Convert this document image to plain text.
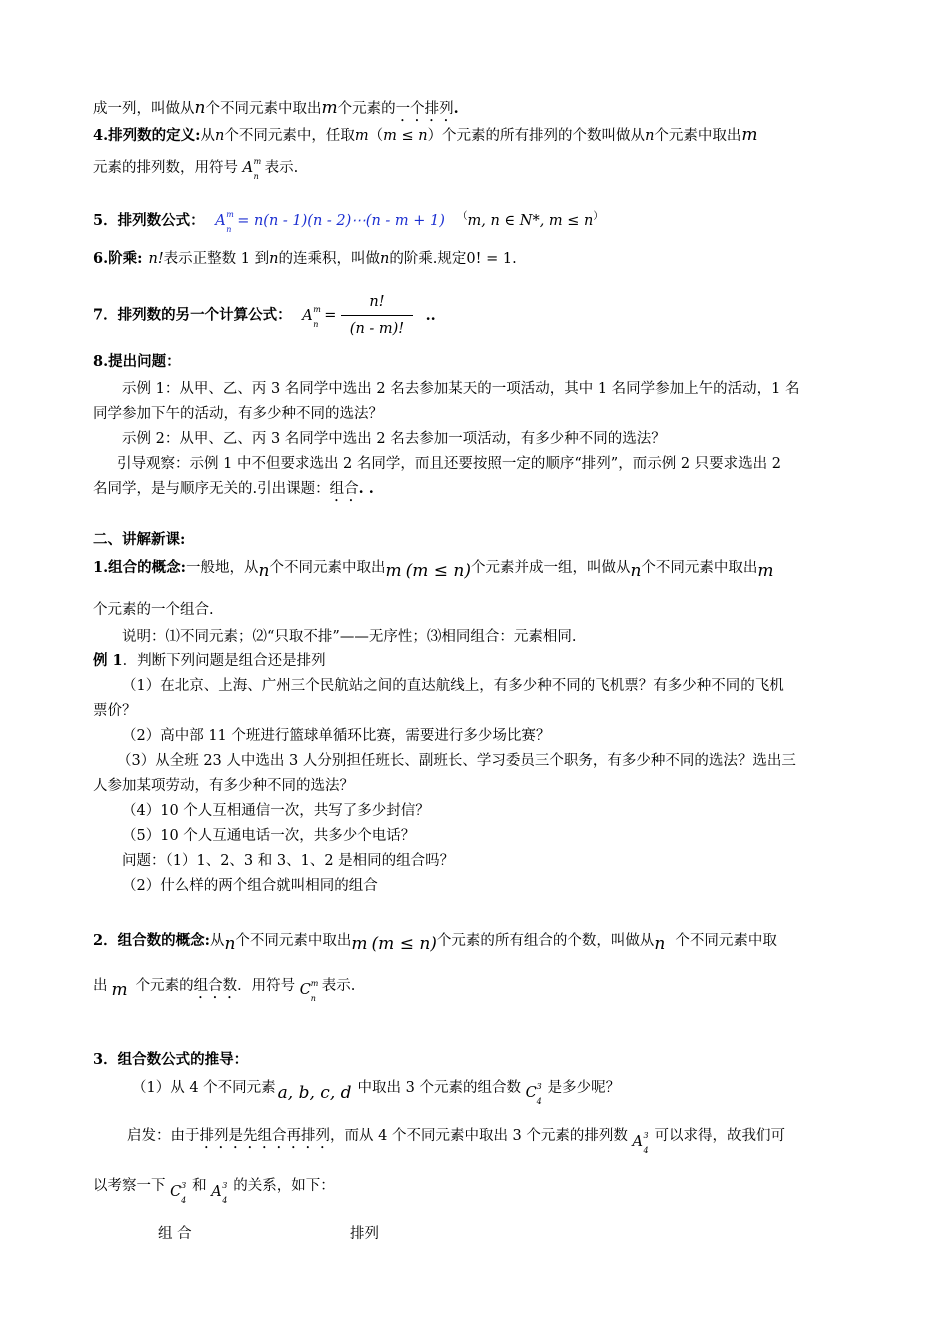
成一列，叫做从n个不同元素中取出m个元素的一个排列.
4.排列数的定义:从n个不同元素中，任取m（m ≤ n）个元素的所有排列的个数叫做从n个元素中取出m
元素的排列数，用符号 A m
n
表示.
5．排列数公式： A m
n
= n(n - 1)(n - 2)⋯(n - m + 1) （m, n ∈ N*, m ≤ n）
6.阶乘: n!表示正整数 1 到n的连乘积，叫做n的阶乘.规定0! = 1.
7．排列数的另一个计算公式： A m
n
= $\frac{n!}{(n - m)!}$ ..
8.提出问题：
示例 1：从甲、乙、丙 3 名同学中选出 2 名去参加某天的一项活动，其中 1 名同学参加上午的活动，1 名
同学参加下午的活动，有多少种不同的选法？
示例 2：从甲、乙、丙 3 名同学中选出 2 名去参加一项活动，有多少种不同的选法？
引导观察：示例 1 中不但要求选出 2 名同学，而且还要按照一定的顺序“排列”，而示例 2 只要求选出 2
名同学，是与顺序无关的.引出课题：组合. .
二、讲解新课:
1.组合的概念:一般地，从n个不同元素中取出m (m ≤ n)个元素并成一组，叫做从n个不同元素中取出m
个元素的一个组合.
说明：⑴不同元素；⑵“只取不排”——无序性；⑶相同组合：元素相同.
例 1．判断下列问题是组合还是排列
（1）在北京、上海、广州三个民航站之间的直达航线上，有多少种不同的飞机票？有多少种不同的飞机
票价？
（2）高中部 11 个班进行篮球单循环比赛，需要进行多少场比赛？
（3）从全班 23 人中选出 3 人分别担任班长、副班长、学习委员三个职务，有多少种不同的选法？选出三
人参加某项劳动，有多少种不同的选法？
（4）10 个人互相通信一次，共写了多少封信？
（5）10 个人互通电话一次，共多少个电话？
问题：（1）1、2、3 和 3、1、2 是相同的组合吗？
（2）什么样的两个组合就叫相同的组合
2．组合数的概念:从n个不同元素中取出m (m ≤ n)个元素的所有组合的个数，叫做从n 个不同元素中取
出 m 个元素的组合数．用符号 C m
n
表示.
3．组合数公式的推导：
（1）从 4 个不同元素 a, b, c, d 中取出 3 个元素的组合数 C 3
4
是多少呢？
启发：由于排列是先组合再排列，而从 4 个不同元素中取出 3 个元素的排列数 A 3
4
可以求得，故我们可
以考察一下 C 3
4
和 A 3
4
的关系，如下：
组 合	排列
